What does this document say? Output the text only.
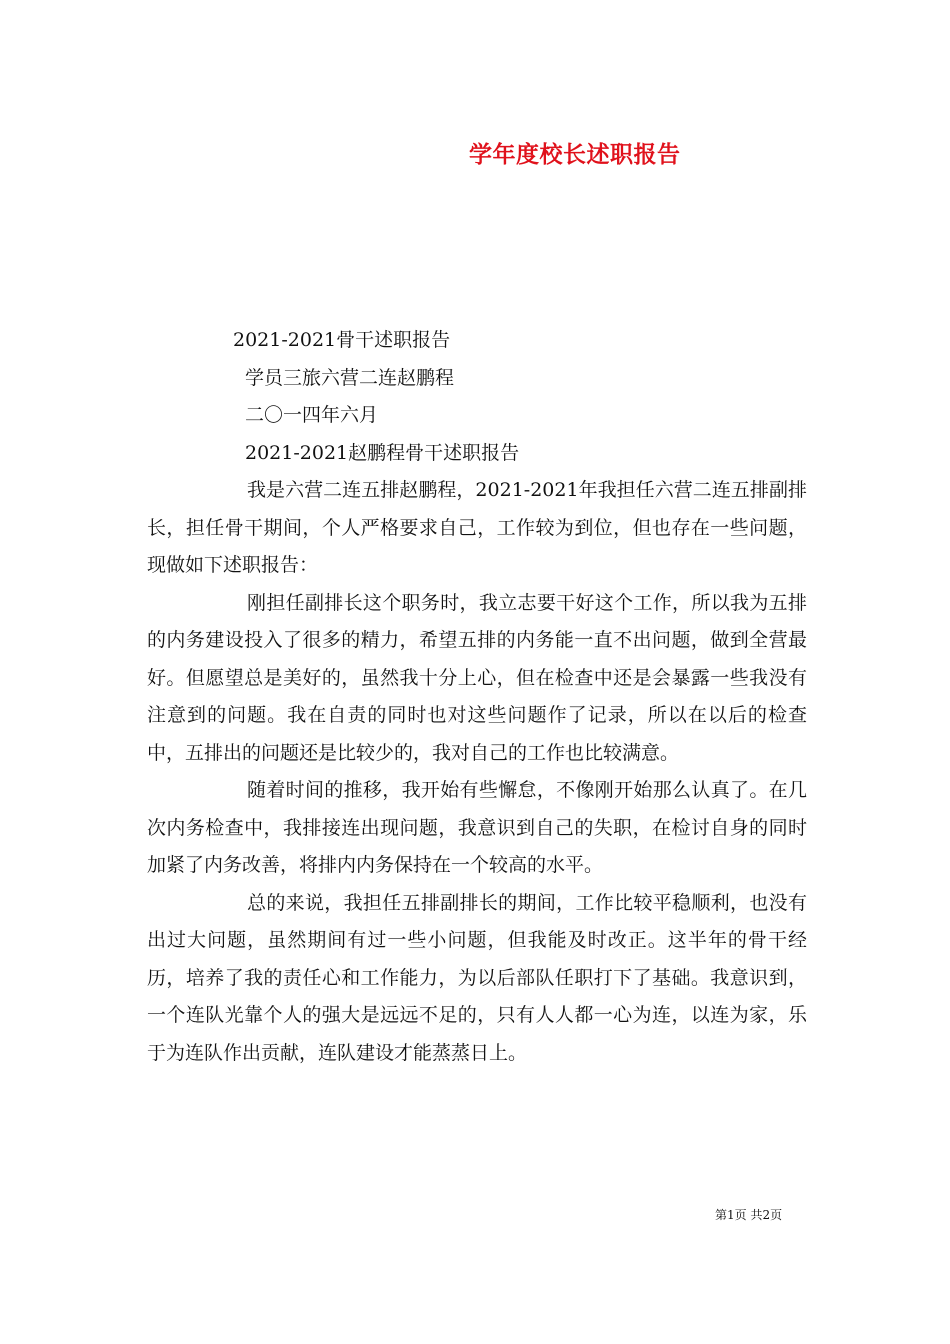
学年度校长述职报告
2021-2021骨干述职报告
学员三旅六营二连赵鹏程
二〇一四年六月
2021-2021赵鹏程骨干述职报告

我是六营二连五排赵鹏程，2021-2021年我担任六营二连五排副排长，担任骨干期间，个人严格要求自己，工作较为到位，但也存在一些问题，现做如下述职报告：

刚担任副排长这个职务时，我立志要干好这个工作，所以我为五排的内务建设投入了很多的精力，希望五排的内务能一直不出问题，做到全营最好。但愿望总是美好的，虽然我十分上心，但在检查中还是会暴露一些我没有注意到的问题。我在自责的同时也对这些问题作了记录，所以在以后的检查中，五排出的问题还是比较少的，我对自己的工作也比较满意。

随着时间的推移，我开始有些懈怠，不像刚开始那么认真了。在几次内务检查中，我排接连出现问题，我意识到自己的失职，在检讨自身的同时加紧了内务改善，将排内内务保持在一个较高的水平。

总的来说，我担任五排副排长的期间，工作比较平稳顺利，也没有出过大问题，虽然期间有过一些小问题，但我能及时改正。这半年的骨干经历，培养了我的责任心和工作能力，为以后部队任职打下了基础。我意识到，一个连队光靠个人的强大是远远不足的，只有人人都一心为连，以连为家，乐于为连队作出贡献，连队建设才能蒸蒸日上。

第1页 共2页
